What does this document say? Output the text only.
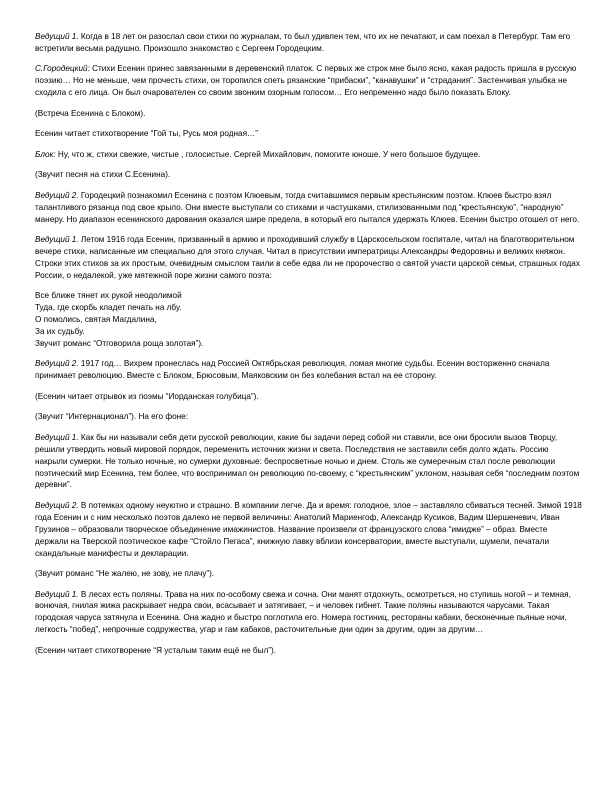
Ведущий 1. Когда в 18 лет он разослал свои стихи по журналам, то был удивлен тем, что их не печатают, и сам поехал в Петербург. Там его встретили весьма радушно. Произошло знакомство с Сергеем Городецким.

С.Городецкий: Стихи Есенин принес завязанными в деревенский платок. С первых же строк мне было ясно, какая радость пришла в русскую поэзию… Но не меньше, чем прочесть стихи, он торопился спеть рязанские “прибаски”, “канавушки” и “страдания”. Застенчивая улыбка не сходила с его лица. Он был очарователен со своим звонким озорным голосом… Его непременно надо было показать Блоку.

(Встреча Есенина с Блоком).

Есенин читает стихотворение “Гой ты, Русь моя родная…”

Блок: Ну, что ж, стихи свежие, чистые , голосистые. Сергей Михайлович, помогите юноше. У него большое будущее.

(Звучит песня на стихи С.Есенина).

Ведущий 2. Городецкий познакомил Есенина с поэтом Клюевым, тогда считавшимся первым крестьянским поэтом. Клюев быстро взял талантливого рязанца под свое крыло. Они вместе выступали со стихами и частушками, стилизованными под “крестьянскую”, “народную” манеру. Но диапазон есенинского дарования оказался шире предела, в который его пытался удержать Клюев. Есенин быстро отошел от него.

Ведущий 1. Летом 1916 года Есенин, призванный в армию и проходивший службу в Царскосельском госпитале, читал на благотворительном вечере стихи, написанные им специально для этого случая. Читал в присутствии императрицы Александры Федоровны и великих княжон. Строки этих стихов за их простым, очевидным смыслом таили в себе едва ли не пророчество о святой участи царской семьи, страшных годах России, о недалекой, уже мятежной поре жизни самого поэта:

Все ближе тянет их рукой неодолимой
Туда, где скорбь кладет печать на лбу.
О помолись, святая Магдалина,
За их судьбу.
Звучит романс “Отговорила роща золотая”).

Ведущий 2. 1917 год… Вихрем пронеслась над Россией Октябрьская революция, ломая многие судьбы. Есенин восторженно сначала принимает революцию. Вместе с Блоком, Брюсовым, Маяковским он без колебания встал на ее сторону.

(Есенин читает отрывок из поэмы “Иорданская голубица”).

(Звучит “Интернационал”). На его фоне:

Ведущий 1. Как бы ни называли себя дети русской революции, какие бы задачи перед собой ни ставили, все они бросили вызов Творцу, решили утвердить новый мировой порядок, переменить источник жизни и света. Последствия не заставили себя долго ждать. Россию накрыли сумерки. Не только ночные, но сумерки духовные: беспросветные ночью и днем. Столь же сумеречным стал после революции поэтический мир Есенина, тем более, что воспринимал он революцию по-своему, с “крестьянским” уклоном, называя себя “последним поэтом деревни”.

Ведущий 2. В потемках одному неуютно и страшно. В компании легче. Да и время: голодное, злое – заставляло сбиваться тесней. Зимой 1918 года Есенин и с ним несколько поэтов далеко не первой величины: Анатолий Мариенгоф, Александр Кусиков, Вадим Шершеневич, Иван Грузинов – образовали творческое объединение имажинистов. Название произвели от французского слова “имидже” – образ. Вместе держали на Тверской поэтическое кафе “Стойло Пегаса”, книжную лавку вблизи консерватории, вместе выступали, шумели, печатали скандальные манифесты и декларации.

(Звучит романс “Не жалею, не зову, не плачу”).

Ведущий 1. В лесах есть поляны. Трава на них по-особому свежа и сочна. Они манят отдохнуть, осмотреться, но ступишь ногой – и темная, вонючая, гнилая жижа раскрывает недра свои, всасывает и затягивает, – и человек гибнет. Такие поляны называются чарусами. Такая городская чаруса затянула и Есенина. Она жадно и быстро поглотила его. Номера гостиниц, рестораны кабаки, бесконечные пьяные ночи, легкость “побед”, непрочные содружества, угар и гам кабаков, расточительные дни один за другим, один за другим…

(Есенин читает стихотворение “Я усталым таким ещё не был”).
